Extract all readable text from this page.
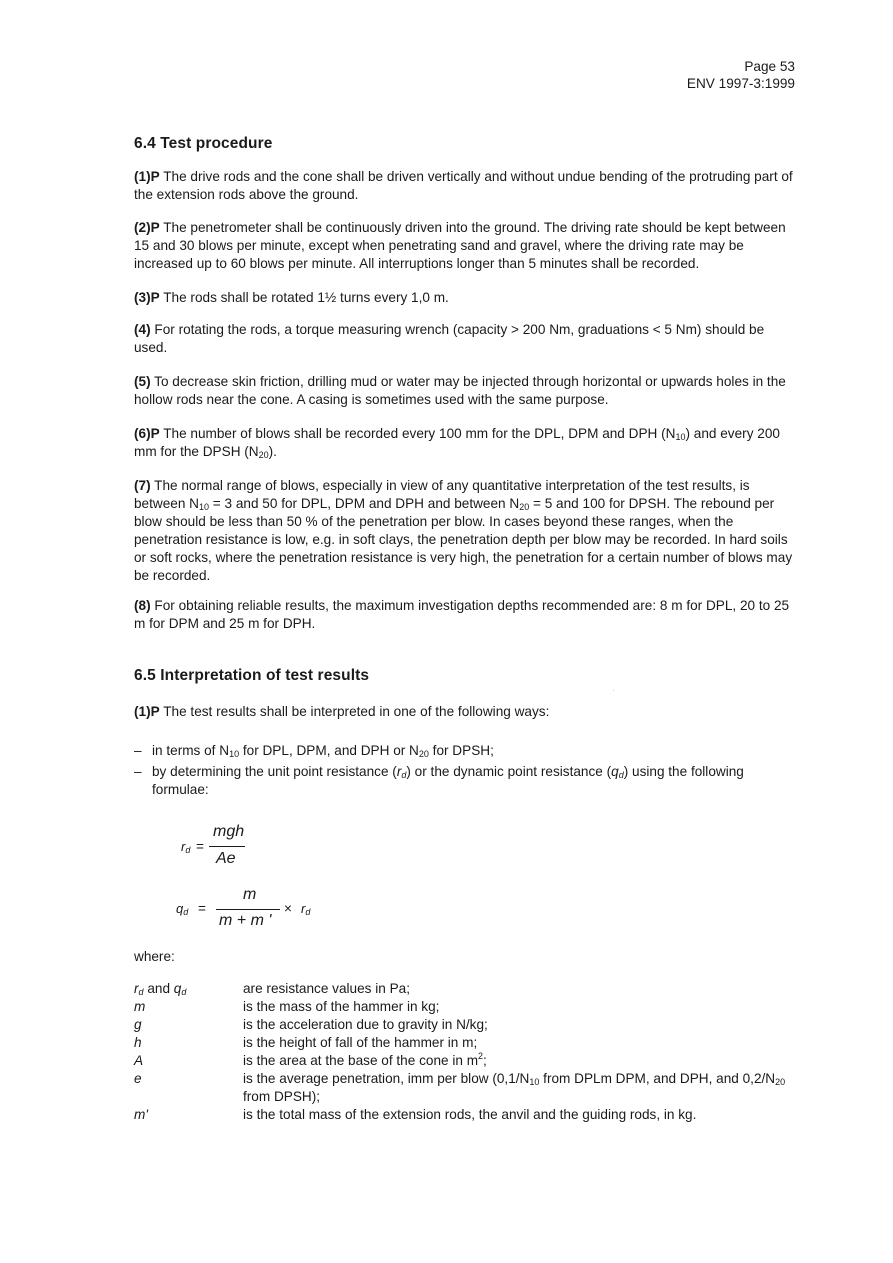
Page 53
ENV 1997-3:1999
6.4 Test procedure

(1)P The drive rods and the cone shall be driven vertically and without undue bending of the protruding part of the extension rods above the ground.

(2)P The penetrometer shall be continuously driven into the ground. The driving rate should be kept between 15 and 30 blows per minute, except when penetrating sand and gravel, where the driving rate may be increased up to 60 blows per minute. All interruptions longer than 5 minutes shall be recorded.

(3)P The rods shall be rotated 1½ turns every 1,0 m.

(4) For rotating the rods, a torque measuring wrench (capacity > 200 Nm, graduations < 5 Nm) should be used.

(5) To decrease skin friction, drilling mud or water may be injected through horizontal or upwards holes in the hollow rods near the cone. A casing is sometimes used with the same purpose.

(6)P The number of blows shall be recorded every 100 mm for the DPL, DPM and DPH $(N_{10})$ and every 200 mm for the DPSH $(N_{20})$.

(7) The normal range of blows, especially in view of any quantitative interpretation of the test results, is between $N_{10} = 3$ and 50 for DPL, DPM and DPH and between $N_{20} = 5$ and 100 for DPSH. The rebound per blow should be less than 50 % of the penetration per blow. In cases beyond these ranges, when the penetration resistance is low, e.g. in soft clays, the penetration depth per blow may be recorded. In hard soils or soft rocks, where the penetration resistance is very high, the penetration for a certain number of blows may be recorded.

(8) For obtaining reliable results, the maximum investigation depths recommended are: 8 m for DPL, 20 to 25 m for DPM and 25 m for DPH.

6.5 Interpretation of test results

(1)P The test results shall be interpreted in one of the following ways:

– in terms of $N_{10}$ for DPL, DPM, and DPH or $N_{20}$ for DPSH;
– by determining the unit point resistance $(r_d)$ or the dynamic point resistance $(q_d)$ using the following formulae:
$r_d$ =
mgh
Ae
$q_d$ =
m
m + m '
× $r_d$
where:
$r_d$ and $q_d$	are resistance values in Pa;
m	is the mass of the hammer in kg;
g	is the acceleration due to gravity in N/kg;
h	is the height of fall of the hammer in m;
A	is the area at the base of the cone in $m^2$;
e	is the average penetration, imm per blow ($0,1/N_{10}$ from DPLm DPM, and DPH, and $0,2/N_{20}$ from DPSH);
m'	is the total mass of the extension rods, the anvil and the guiding rods, in kg.
